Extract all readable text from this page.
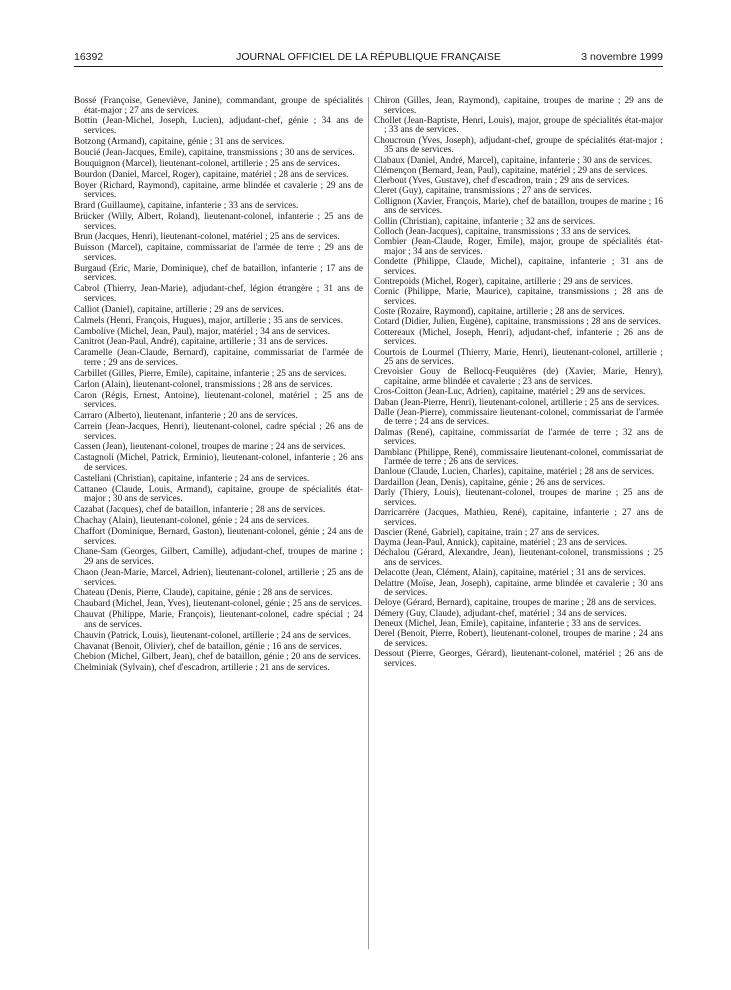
16392	JOURNAL OFFICIEL DE LA RÉPUBLIQUE FRANÇAISE	3 novembre 1999

Bossé (Françoise, Geneviève, Janine), commandant, groupe de spécialités état-major ; 27 ans de services.

Bottin (Jean-Michel, Joseph, Lucien), adjudant-chef, génie ; 34 ans de services.

Botzong (Armand), capitaine, génie ; 31 ans de services.

Boucié (Jean-Jacques, Emile), capitaine, transmissions ; 30 ans de services.

Bouquignon (Marcel), lieutenant-colonel, artillerie ; 25 ans de services.

Bourdon (Daniel, Marcel, Roger), capitaine, matériel ; 28 ans de services.

Boyer (Richard, Raymond), capitaine, arme blindée et cavalerie ; 29 ans de services.

Brard (Guillaume), capitaine, infanterie ; 33 ans de services.

Brücker (Willy, Albert, Roland), lieutenant-colonel, infanterie ; 25 ans de services.

Brun (Jacques, Henri), lieutenant-colonel, matériel ; 25 ans de services.

Buisson (Marcel), capitaine, commissariat de l'armée de terre ; 29 ans de services.

Burgaud (Eric, Marie, Dominique), chef de bataillon, infanterie ; 17 ans de services.

Cabrol (Thierry, Jean-Marie), adjudant-chef, légion étrangère ; 31 ans de services.

Calliot (Daniel), capitaine, artillerie ; 29 ans de services.

Calmels (Henri, François, Hugues), major, artillerie ; 35 ans de services.

Cambolive (Michel, Jean, Paul), major, matériel ; 34 ans de services.

Canitrot (Jean-Paul, André), capitaine, artillerie ; 31 ans de services.

Caramelle (Jean-Claude, Bernard), capitaine, commissariat de l'armée de terre ; 29 ans de services.

Carbillet (Gilles, Pierre, Emile), capitaine, infanterie ; 25 ans de services.

Carlon (Alain), lieutenant-colonel, transmissions ; 28 ans de services.

Caron (Régis, Ernest, Antoine), lieutenant-colonel, matériel ; 25 ans de services.

Carraro (Alberto), lieutenant, infanterie ; 20 ans de services.

Carrein (Jean-Jacques, Henri), lieutenant-colonel, cadre spécial ; 26 ans de services.

Cassen (Jean), lieutenant-colonel, troupes de marine ; 24 ans de services.

Castagnoli (Michel, Patrick, Erminio), lieutenant-colonel, infanterie ; 26 ans de services.

Castellani (Christian), capitaine, infanterie ; 24 ans de services.

Cattaneo (Claude, Louis, Armand), capitaine, groupe de spécialités état-major ; 30 ans de services.

Cazabat (Jacques), chef de bataillon, infanterie ; 28 ans de services.

Chachay (Alain), lieutenant-colonel, génie ; 24 ans de services.

Chaffort (Dominique, Bernard, Gaston), lieutenant-colonel, génie ; 24 ans de services.

Chane-Sam (Georges, Gilbert, Camille), adjudant-chef, troupes de marine ; 29 ans de services.

Chaon (Jean-Marie, Marcel, Adrien), lieutenant-colonel, artillerie ; 25 ans de services.

Chateau (Denis, Pierre, Claude), capitaine, génie ; 28 ans de services.

Chaubard (Michel, Jean, Yves), lieutenant-colonel, génie ; 25 ans de services.

Chauvat (Philippe, Marie, François), lieutenant-colonel, cadre spécial ; 24 ans de services.

Chauvin (Patrick, Louis), lieutenant-colonel, artillerie ; 24 ans de services.

Chavanat (Benoit, Olivier), chef de bataillon, génie ; 16 ans de services.

Chebion (Michel, Gilbert, Jean), chef de bataillon, génie ; 20 ans de services.

Chelminiak (Sylvain), chef d'escadron, artillerie ; 21 ans de services.

Chiron (Gilles, Jean, Raymond), capitaine, troupes de marine ; 29 ans de services.

Chollet (Jean-Baptiste, Henri, Louis), major, groupe de spécialités état-major ; 33 ans de services.

Choucroun (Yves, Joseph), adjudant-chef, groupe de spécialités état-major ; 35 ans de services.

Clabaux (Daniel, André, Marcel), capitaine, infanterie ; 30 ans de services.

Clémençon (Bernard, Jean, Paul), capitaine, matériel ; 29 ans de services.

Clerbout (Yves, Gustave), chef d'escadron, train ; 29 ans de services.

Cleret (Guy), capitaine, transmissions ; 27 ans de services.

Collignon (Xavier, François, Marie), chef de bataillon, troupes de marine ; 16 ans de services.

Collin (Christian), capitaine, infanterie ; 32 ans de services.

Colloch (Jean-Jacques), capitaine, transmissions ; 33 ans de services.

Combier (Jean-Claude, Roger, Emile), major, groupe de spécialités état-major ; 34 ans de services.

Condette (Philippe, Claude, Michel), capitaine, infanterie ; 31 ans de services.

Contrepoids (Michel, Roger), capitaine, artillerie ; 29 ans de services.

Cornic (Philippe, Marie, Maurice), capitaine, transmissions ; 28 ans de services.

Coste (Rozaire, Raymond), capitaine, artillerie ; 28 ans de services.

Cotard (Didier, Julien, Eugène), capitaine, transmissions ; 28 ans de services.

Cottereaux (Michel, Joseph, Henri), adjudant-chef, infanterie ; 26 ans de services.

Courtois de Lourmel (Thierry, Marie, Henri), lieutenant-colonel, artillerie ; 25 ans de services.

Crevoisier Gouy de Bellocq-Feuquières (de) (Xavier, Marie, Henry), capitaine, arme blindée et cavalerie ; 23 ans de services.

Cros-Coitton (Jean-Luc, Adrien), capitaine, matériel ; 29 ans de services.

Daban (Jean-Pierre, Henri), lieutenant-colonel, artillerie ; 25 ans de services.

Dalle (Jean-Pierre), commissaire lieutenant-colonel, commissariat de l'armée de terre ; 24 ans de services.

Dalmas (René), capitaine, commissariat de l'armée de terre ; 32 ans de services.

Damblanc (Philippe, René), commissaire lieutenant-colonel, commissariat de l'armée de terre ; 26 ans de services.

Danloue (Claude, Lucien, Charles), capitaine, matériel ; 28 ans de services.

Dardaillon (Jean, Denis), capitaine, génie ; 26 ans de services.

Darly (Thiery, Louis), lieutenant-colonel, troupes de marine ; 25 ans de services.

Darricarrère (Jacques, Mathieu, René), capitaine, infanterie ; 27 ans de services.

Dascier (René, Gabriel), capitaine, train ; 27 ans de services.

Dayma (Jean-Paul, Annick), capitaine, matériel ; 23 ans de services.

Déchalou (Gérard, Alexandre, Jean), lieutenant-colonel, transmissions ; 25 ans de services.

Delacotte (Jean, Clément, Alain), capitaine, matériel ; 31 ans de services.

Delattre (Moïse, Jean, Joseph), capitaine, arme blindée et cavalerie ; 30 ans de services.

Deloye (Gérard, Bernard), capitaine, troupes de marine ; 28 ans de services.

Démery (Guy, Claude), adjudant-chef, matériel ; 34 ans de services.

Deneux (Michel, Jean, Emile), capitaine, infanterie ; 33 ans de services.

Derel (Benoit, Pierre, Robert), lieutenant-colonel, troupes de marine ; 24 ans de services.

Dessout (Pierre, Georges, Gérard), lieutenant-colonel, matériel ; 26 ans de services.
